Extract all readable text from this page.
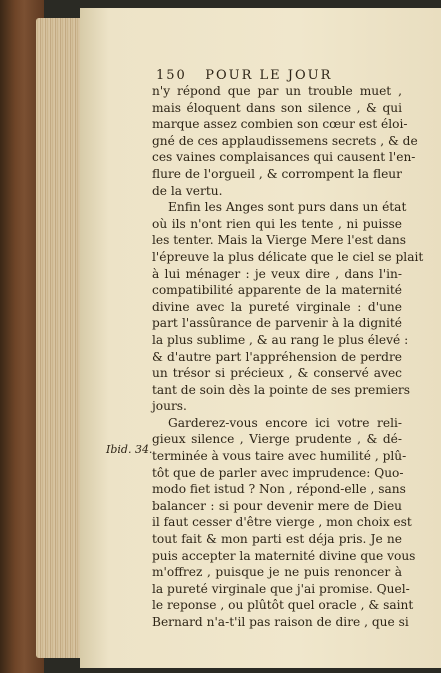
150 POUR LE JOUR
Ibid. 34.
n'y répond que par un trouble muet ,
mais éloquent dans son silence , & qui
marque assez combien son cœur est éloi-
gné de ces applaudissemens secrets , & de
ces vaines complaisances qui causent l'en-
flure de l'orgueil , & corrompent la fleur
de la vertu.
Enfin les Anges sont purs dans un état
où ils n'ont rien qui les tente , ni puisse
les tenter. Mais la Vierge Mere l'est dans
l'épreuve la plus délicate que le ciel se plait
à lui ménager : je veux dire , dans l'in-
compatibilité apparente de la maternité
divine avec la pureté virginale : d'une
part l'assûrance de parvenir à la dignité
la plus sublime , & au rang le plus élevé :
& d'autre part l'appréhension de perdre
un trésor si précieux , & conservé avec
tant de soin dès la pointe de ses premiers
jours.
Garderez-vous encore ici votre reli-
gieux silence , Vierge prudente , & dé-
terminée à vous taire avec humilité , plû-
tôt que de parler avec imprudence: Quo-
modo fiet istud ? Non , répond-elle , sans
balancer : si pour devenir mere de Dieu
il faut cesser d'être vierge , mon choix est
tout fait & mon parti est déja pris. Je ne
puis accepter la maternité divine que vous
m'offrez , puisque je ne puis renoncer à
la pureté virginale que j'ai promise. Quel-
le reponse , ou plûtôt quel oracle , & saint
Bernard n'a-t'il pas raison de dire , que si
